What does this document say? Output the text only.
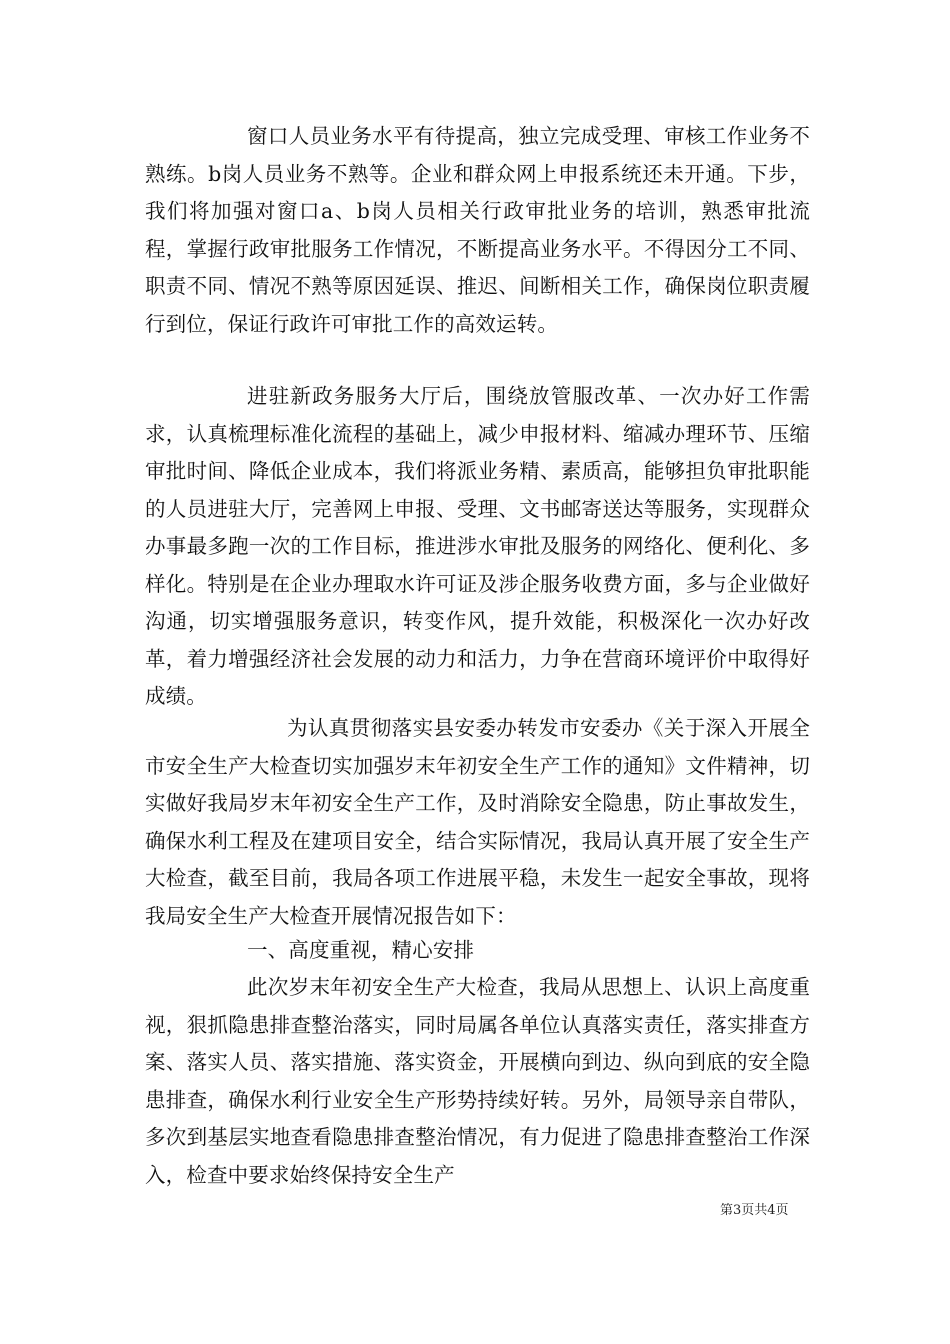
窗口人员业务水平有待提高，独立完成受理、审核工作业务不熟练。b岗人员业务不熟等。企业和群众网上申报系统还未开通。下步，我们将加强对窗口a、b岗人员相关行政审批业务的培训，熟悉审批流程，掌握行政审批服务工作情况，不断提高业务水平。不得因分工不同、职责不同、情况不熟等原因延误、推迟、间断相关工作，确保岗位职责履行到位，保证行政许可审批工作的高效运转。

进驻新政务服务大厅后，围绕放管服改革、一次办好工作需求，认真梳理标准化流程的基础上，减少申报材料、缩减办理环节、压缩审批时间、降低企业成本，我们将派业务精、素质高，能够担负审批职能的人员进驻大厅，完善网上申报、受理、文书邮寄送达等服务，实现群众办事最多跑一次的工作目标，推进涉水审批及服务的网络化、便利化、多样化。特别是在企业办理取水许可证及涉企服务收费方面，多与企业做好沟通，切实增强服务意识，转变作风，提升效能，积极深化一次办好改革，着力增强经济社会发展的动力和活力，力争在营商环境评价中取得好成绩。

为认真贯彻落实县安委办转发市安委办《关于深入开展全市安全生产大检查切实加强岁末年初安全生产工作的通知》文件精神，切实做好我局岁末年初安全生产工作，及时消除安全隐患，防止事故发生，确保水利工程及在建项目安全，结合实际情况，我局认真开展了安全生产大检查，截至目前，我局各项工作进展平稳，未发生一起安全事故，现将我局安全生产大检查开展情况报告如下：

一、高度重视，精心安排

此次岁末年初安全生产大检查，我局从思想上、认识上高度重视，狠抓隐患排查整治落实，同时局属各单位认真落实责任，落实排查方案、落实人员、落实措施、落实资金，开展横向到边、纵向到底的安全隐患排查，确保水利行业安全生产形势持续好转。另外，局领导亲自带队，多次到基层实地查看隐患排查整治情况，有力促进了隐患排查整治工作深入，检查中要求始终保持安全生产

第3页共4页
